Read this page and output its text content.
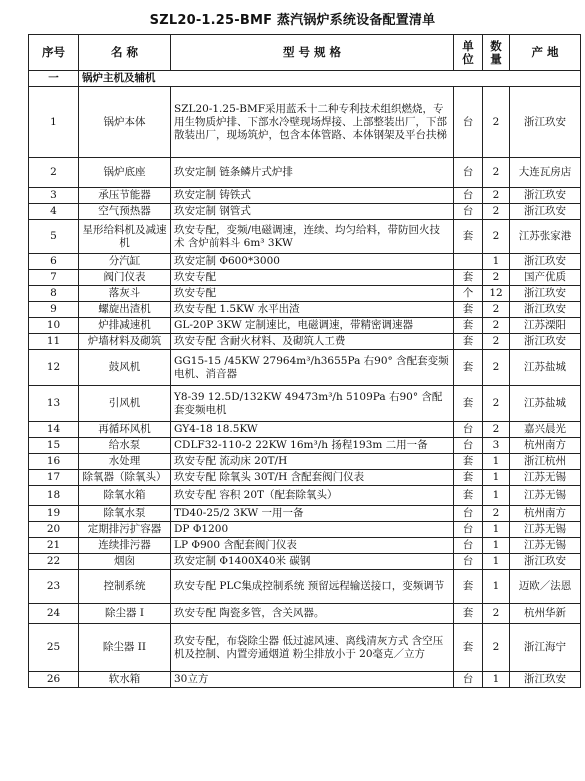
SZL20-1.25-BMF 蒸汽锅炉系统设备配置清单
序号	名 称	型 号 规 格	单位	数量	产 地
一	锅炉主机及辅机				
1	锅炉本体	SZL20-1.25-BMF采用蓝禾十二种专利技术组织燃烧，专用生物质炉排、下部水冷壁现场焊接、上部整装出厂，下部散装出厂，现场筑炉，包含本体管路、本体钢架及平台扶梯	台	2	浙江玖安
2	锅炉底座	玖安定制 链条鳞片式炉排	台	2	大连瓦房店
3	承压节能器	玖安定制 铸铁式	台	2	浙江玖安
4	空气预热器	玖安定制 钢管式	台	2	浙江玖安
5	星形给料机及减速机	玖安专配，变频/电磁调速，连续、均匀给料，带防回火技术 含炉前料斗 6m³ 3KW	套	2	江苏张家港
6	分汽缸	玖安定制 Φ600*3000		1	浙江玖安
7	阀门仪表	玖安专配	套	2	国产优质
8	落灰斗	玖安专配	个	12	浙江玖安
9	螺旋出渣机	玖安专配 1.5KW 水平出渣	套	2	浙江玖安
10	炉排减速机	GL-20P 3KW 定制速比，电磁调速，带精密调速器	套	2	江苏溧阳
11	炉墙材料及砌筑	玖安专配 含耐火材料、及砌筑人工费	套	2	浙江玖安
12	鼓风机	GG15-15 /45KW 27964m³/h3655Pa 右90° 含配套变频电机、消音器	套	2	江苏盐城
13	引风机	Y8-39 12.5D/132KW 49473m³/h 5109Pa 右90° 含配套变频电机	套	2	江苏盐城
14	再循环风机	GY4-18 18.5KW	台	2	嘉兴晨光
15	给水泵	CDLF32-110-2 22KW 16m³/h 扬程193m 二用一备	台	3	杭州南方
16	水处理	玖安专配 流动床 20T/H	套	1	浙江杭州
17	除氧器（除氧头）	玖安专配 除氧头 30T/H 含配套阀门仪表	套	1	江苏无锡
18	除氧水箱	玖安专配 容积 20T（配套除氧头）	套	1	江苏无锡
19	除氧水泵	TD40-25/2 3KW 一用一备	台	2	杭州南方
20	定期排污扩容器	DP Φ1200	台	1	江苏无锡
21	连续排污器	LP Φ900 含配套阀门仪表	台	1	江苏无锡
22	烟囱	玖安定制 Φ1400X40米 碳钢	台	1	浙江玖安
23	控制系统	玖安专配 PLC集成控制系统 预留远程输送接口，变频调节	套	1	迈欧／法恩
24	除尘器 I	玖安专配 陶瓷多管，含关风器。	套	2	杭州华新
25	除尘器 II	玖安专配，布袋除尘器 低过滤风速、离线清灰方式 含空压机及控制、内置旁通烟道 粉尘排放小于 20毫克／立方	套	2	浙江海宁
26	软水箱	30立方	台	1	浙江玖安
